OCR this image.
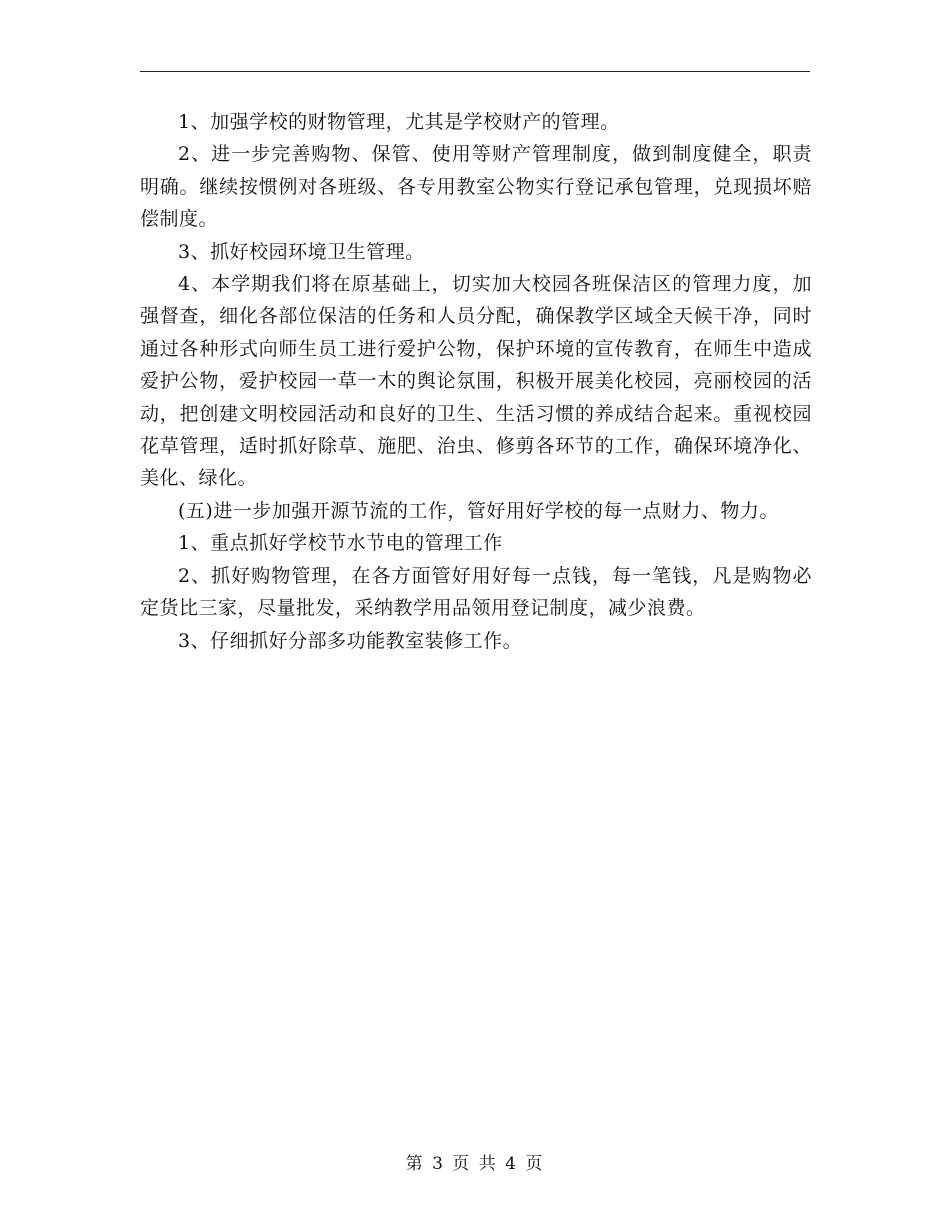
1、加强学校的财物管理，尤其是学校财产的管理。

2、进一步完善购物、保管、使用等财产管理制度，做到制度健全，职责明确。继续按惯例对各班级、各专用教室公物实行登记承包管理，兑现损坏赔偿制度。

3、抓好校园环境卫生管理。

4、本学期我们将在原基础上，切实加大校园各班保洁区的管理力度，加强督查，细化各部位保洁的任务和人员分配，确保教学区域全天候干净，同时通过各种形式向师生员工进行爱护公物，保护环境的宣传教育，在师生中造成爱护公物，爱护校园一草一木的舆论氛围，积极开展美化校园，亮丽校园的活动，把创建文明校园活动和良好的卫生、生活习惯的养成结合起来。重视校园花草管理，适时抓好除草、施肥、治虫、修剪各环节的工作，确保环境净化、美化、绿化。

(五)进一步加强开源节流的工作，管好用好学校的每一点财力、物力。

1、重点抓好学校节水节电的管理工作

2、抓好购物管理，在各方面管好用好每一点钱，每一笔钱，凡是购物必定货比三家，尽量批发，采纳教学用品领用登记制度，减少浪费。

3、仔细抓好分部多功能教室装修工作。

第 3 页 共 4 页
